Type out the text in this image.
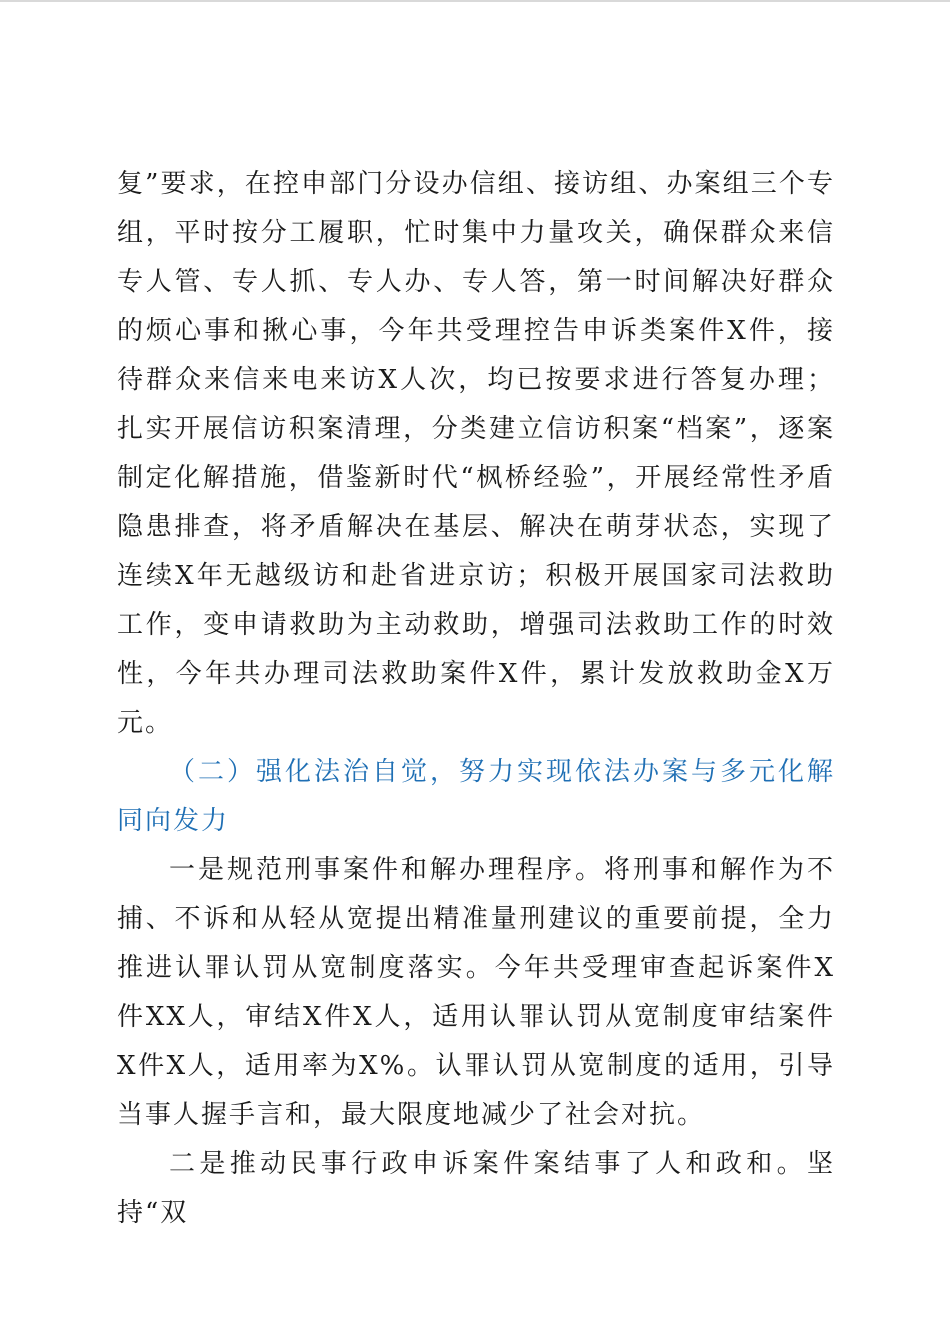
复”要求，在控申部门分设办信组、接访组、办案组三个专组，平时按分工履职，忙时集中力量攻关，确保群众来信专人管、专人抓、专人办、专人答，第一时间解决好群众的烦心事和揪心事，今年共受理控告申诉类案件X件，接待群众来信来电来访X人次，均已按要求进行答复办理；扎实开展信访积案清理，分类建立信访积案“档案”，逐案制定化解措施，借鉴新时代“枫桥经验”，开展经常性矛盾隐患排查，将矛盾解决在基层、解决在萌芽状态，实现了连续X年无越级访和赴省进京访；积极开展国家司法救助工作，变申请救助为主动救助，增强司法救助工作的时效性，今年共办理司法救助案件X件，累计发放救助金X万元。

（二）强化法治自觉，努力实现依法办案与多元化解同向发力

一是规范刑事案件和解办理程序。将刑事和解作为不捕、不诉和从轻从宽提出精准量刑建议的重要前提，全力推进认罪认罚从宽制度落实。今年共受理审查起诉案件X件XX人，审结X件X人，适用认罪认罚从宽制度审结案件X件X人，适用率为X%。认罪认罚从宽制度的适用，引导当事人握手言和，最大限度地减少了社会对抗。

二是推动民事行政申诉案件案结事了人和政和。坚持“双
